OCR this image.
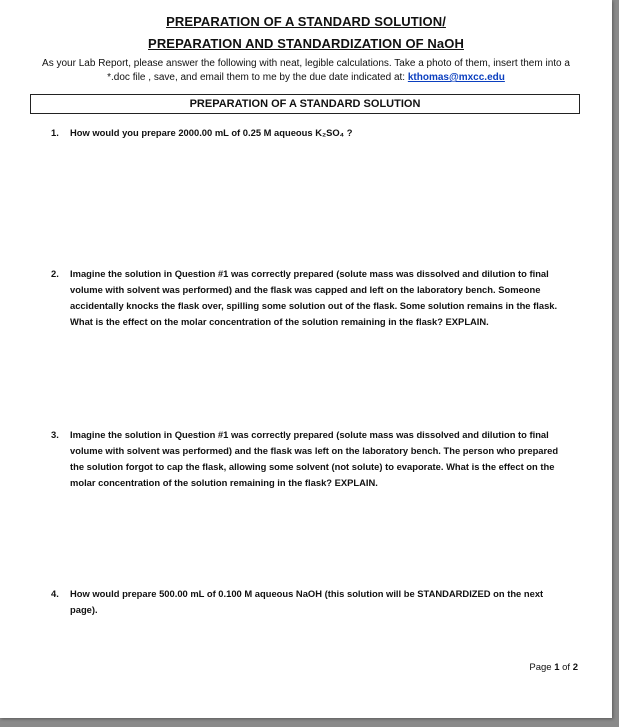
PREPARATION OF A STANDARD SOLUTION/
PREPARATION AND STANDARDIZATION OF NaOH
As your Lab Report, please answer the following with neat, legible calculations. Take a photo of them, insert them into a *.doc file , save, and email them to me by the due date indicated at: kthomas@mxcc.edu
PREPARATION OF A STANDARD SOLUTION
1. How would you prepare 2000.00 mL of 0.25 M aqueous K₂SO₄ ?
2. Imagine the solution in Question #1 was correctly prepared (solute mass was dissolved and dilution to final volume with solvent was performed) and the flask was capped and left on the laboratory bench. Someone accidentally knocks the flask over, spilling some solution out of the flask. Some solution remains in the flask. What is the effect on the molar concentration of the solution remaining in the flask? EXPLAIN.
3. Imagine the solution in Question #1 was correctly prepared (solute mass was dissolved and dilution to final volume with solvent was performed) and the flask was left on the laboratory bench. The person who prepared the solution forgot to cap the flask, allowing some solvent (not solute) to evaporate. What is the effect on the molar concentration of the solution remaining in the flask? EXPLAIN.
4. How would prepare 500.00 mL of 0.100 M aqueous NaOH (this solution will be STANDARDIZED on the next page).
Page 1 of 2
